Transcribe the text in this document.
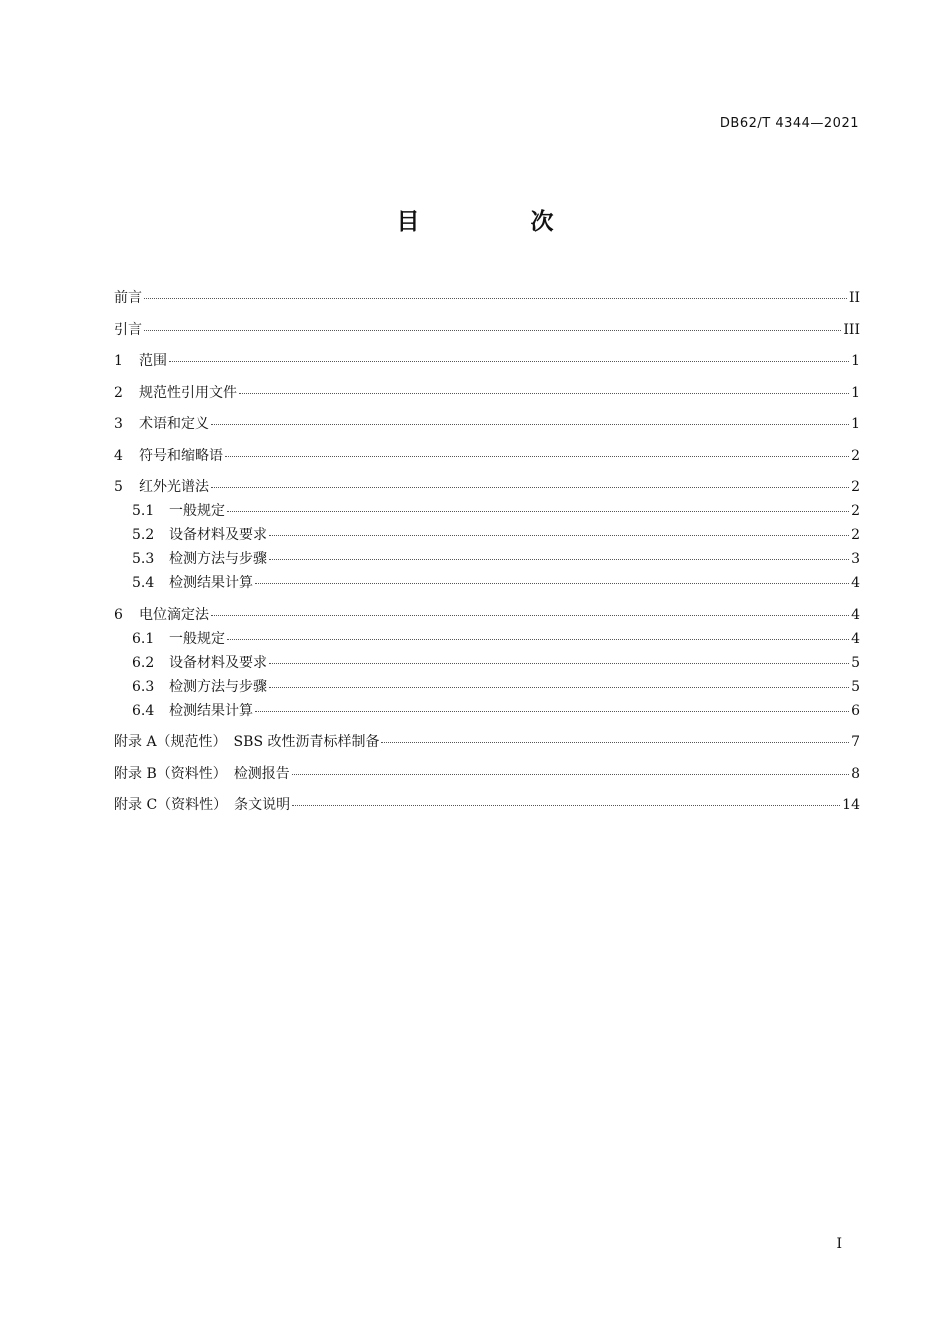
DB62/T 4344—2021
目　次
前言	II
引言	III
1	范围	1
2	规范性引用文件	1
3	术语和定义	1
4	符号和缩略语	2
5	红外光谱法	2
5.1	一般规定	2
5.2	设备材料及要求	2
5.3	检测方法与步骤	3
5.4	检测结果计算	4
6	电位滴定法	4
6.1	一般规定	4
6.2	设备材料及要求	5
6.3	检测方法与步骤	5
6.4	检测结果计算	6
附录 A（规范性）　SBS 改性沥青标样制备	7
附录 B（资料性）　检测报告	8
附录 C（资料性）　条文说明	14
I
